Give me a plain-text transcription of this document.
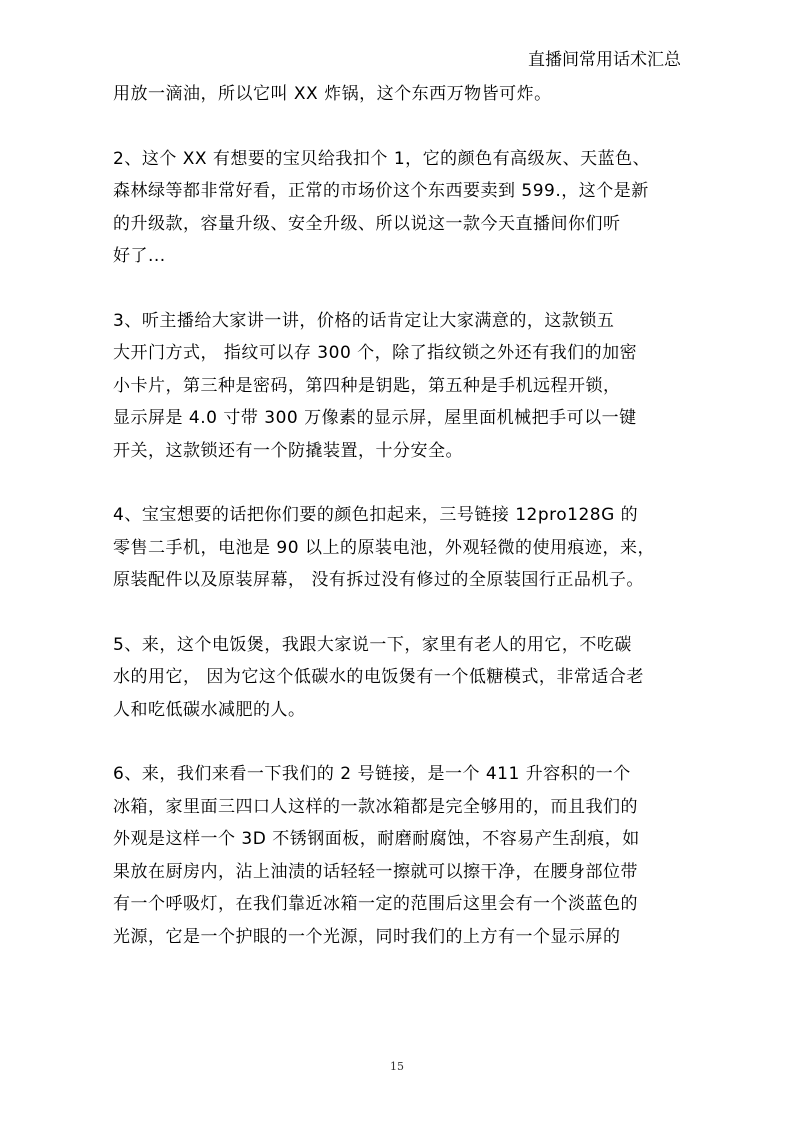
直播间常用话术汇总
用放一滴油，所以它叫 XX 炸锅，这个东西万物皆可炸。
2、这个 XX 有想要的宝贝给我扣个 1，它的颜色有高级灰、天蓝色、
森林绿等都非常好看，正常的市场价这个东西要卖到 599.，这个是新
的升级款，容量升级、安全升级、所以说这一款今天直播间你们听
好了...
3、听主播给大家讲一讲，价格的话肯定让大家满意的，这款锁五
大开门方式， 指纹可以存 300 个，除了指纹锁之外还有我们的加密
小卡片，第三种是密码，第四种是钥匙，第五种是手机远程开锁，
显示屏是 4.0 寸带 300 万像素的显示屏，屋里面机械把手可以一键
开关，这款锁还有一个防撬装置，十分安全。
4、宝宝想要的话把你们要的颜色扣起来，三号链接 12pro128G 的
零售二手机，电池是 90 以上的原装电池，外观轻微的使用痕迹，来，
原装配件以及原装屏幕， 没有拆过没有修过的全原装国行正品机子。
5、来，这个电饭煲，我跟大家说一下，家里有老人的用它，不吃碳
水的用它， 因为它这个低碳水的电饭煲有一个低糖模式，非常适合老
人和吃低碳水减肥的人。
6、来，我们来看一下我们的 2 号链接，是一个 411 升容积的一个
冰箱，家里面三四口人这样的一款冰箱都是完全够用的，而且我们的
外观是这样一个 3D 不锈钢面板，耐磨耐腐蚀，不容易产生刮痕，如
果放在厨房内，沾上油渍的话轻轻一擦就可以擦干净，在腰身部位带
有一个呼吸灯，在我们靠近冰箱一定的范围后这里会有一个淡蓝色的
光源，它是一个护眼的一个光源，同时我们的上方有一个显示屏的
15
